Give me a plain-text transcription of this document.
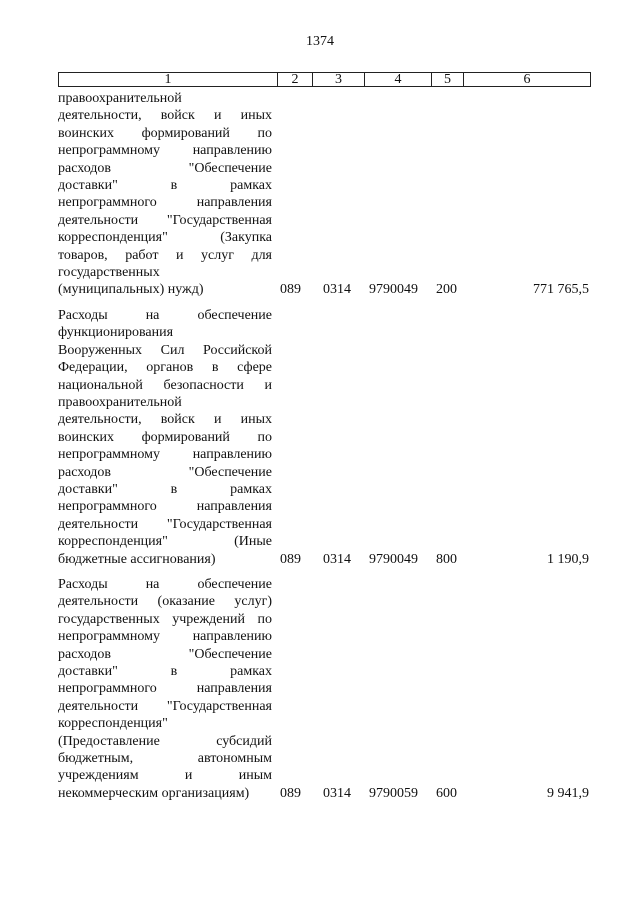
1374
1	2	3	4	5	6
правоохранительной
деятельности, войск и иных
воинских формирований по
непрограммному направлению
расходов "Обеспечение
доставки" в рамках
непрограммного направления
деятельности "Государственная
корреспонденция" (Закупка
товаров, работ и услуг для
государственных
(муниципальных) нужд)	089 0314 9790049 200	771 765,5
Расходы на обеспечение
функционирования
Вооруженных Сил Российской
Федерации, органов в сфере
национальной безопасности и
правоохранительной
деятельности, войск и иных
воинских формирований по
непрограммному направлению
расходов "Обеспечение
доставки" в рамках
непрограммного направления
деятельности "Государственная
корреспонденция" (Иные
бюджетные ассигнования)	089 0314 9790049 800	1 190,9
Расходы на обеспечение
деятельности (оказание услуг)
государственных учреждений по
непрограммному направлению
расходов "Обеспечение
доставки" в рамках
непрограммного направления
деятельности "Государственная
корреспонденция"
(Предоставление субсидий
бюджетным, автономным
учреждениям и иным
некоммерческим организациям)	089 0314 9790059 600	9 941,9
